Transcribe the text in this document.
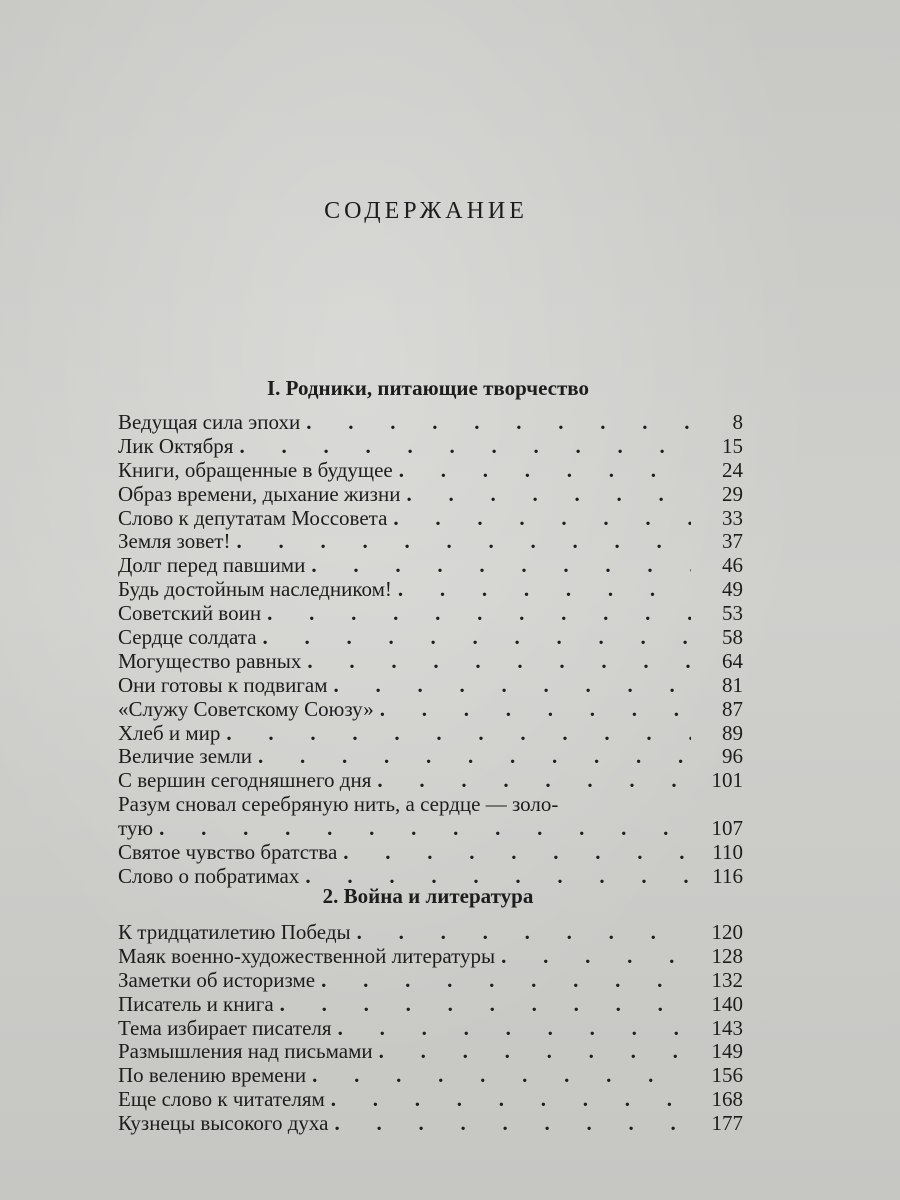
СОДЕРЖАНИЕ
I. Родники, питающие творчество
Ведущая сила эпохи .	8
Лик Октября .	15
Книги, обращенные в будущее .	24
Образ времени, дыхание жизни .	29
Слово к депутатам Моссовета .	33
Земля зовет! .	37
Долг перед павшими .	46
Будь достойным наследником! .	49
Советский воин .	53
Сердце солдата .	58
Могущество равных .	64
Они готовы к подвигам .	81
«Служу Советскому Союзу» .	87
Хлеб и мир .	89
Величие земли .	96
С вершин сегодняшнего дня .	101
Разум сновал серебряную нить, а сердце — золо-
тую .	107
Святое чувство братства .	110
Слово о побратимах .	116
2. Война и литература
К тридцатилетию Победы .	120
Маяк военно-художественной литературы .	128
Заметки об историзме .	132
Писатель и книга .	140
Тема избирает писателя .	143
Размышления над письмами .	149
По велению времени .	156
Еще слово к читателям .	168
Кузнецы высокого духа .	177
